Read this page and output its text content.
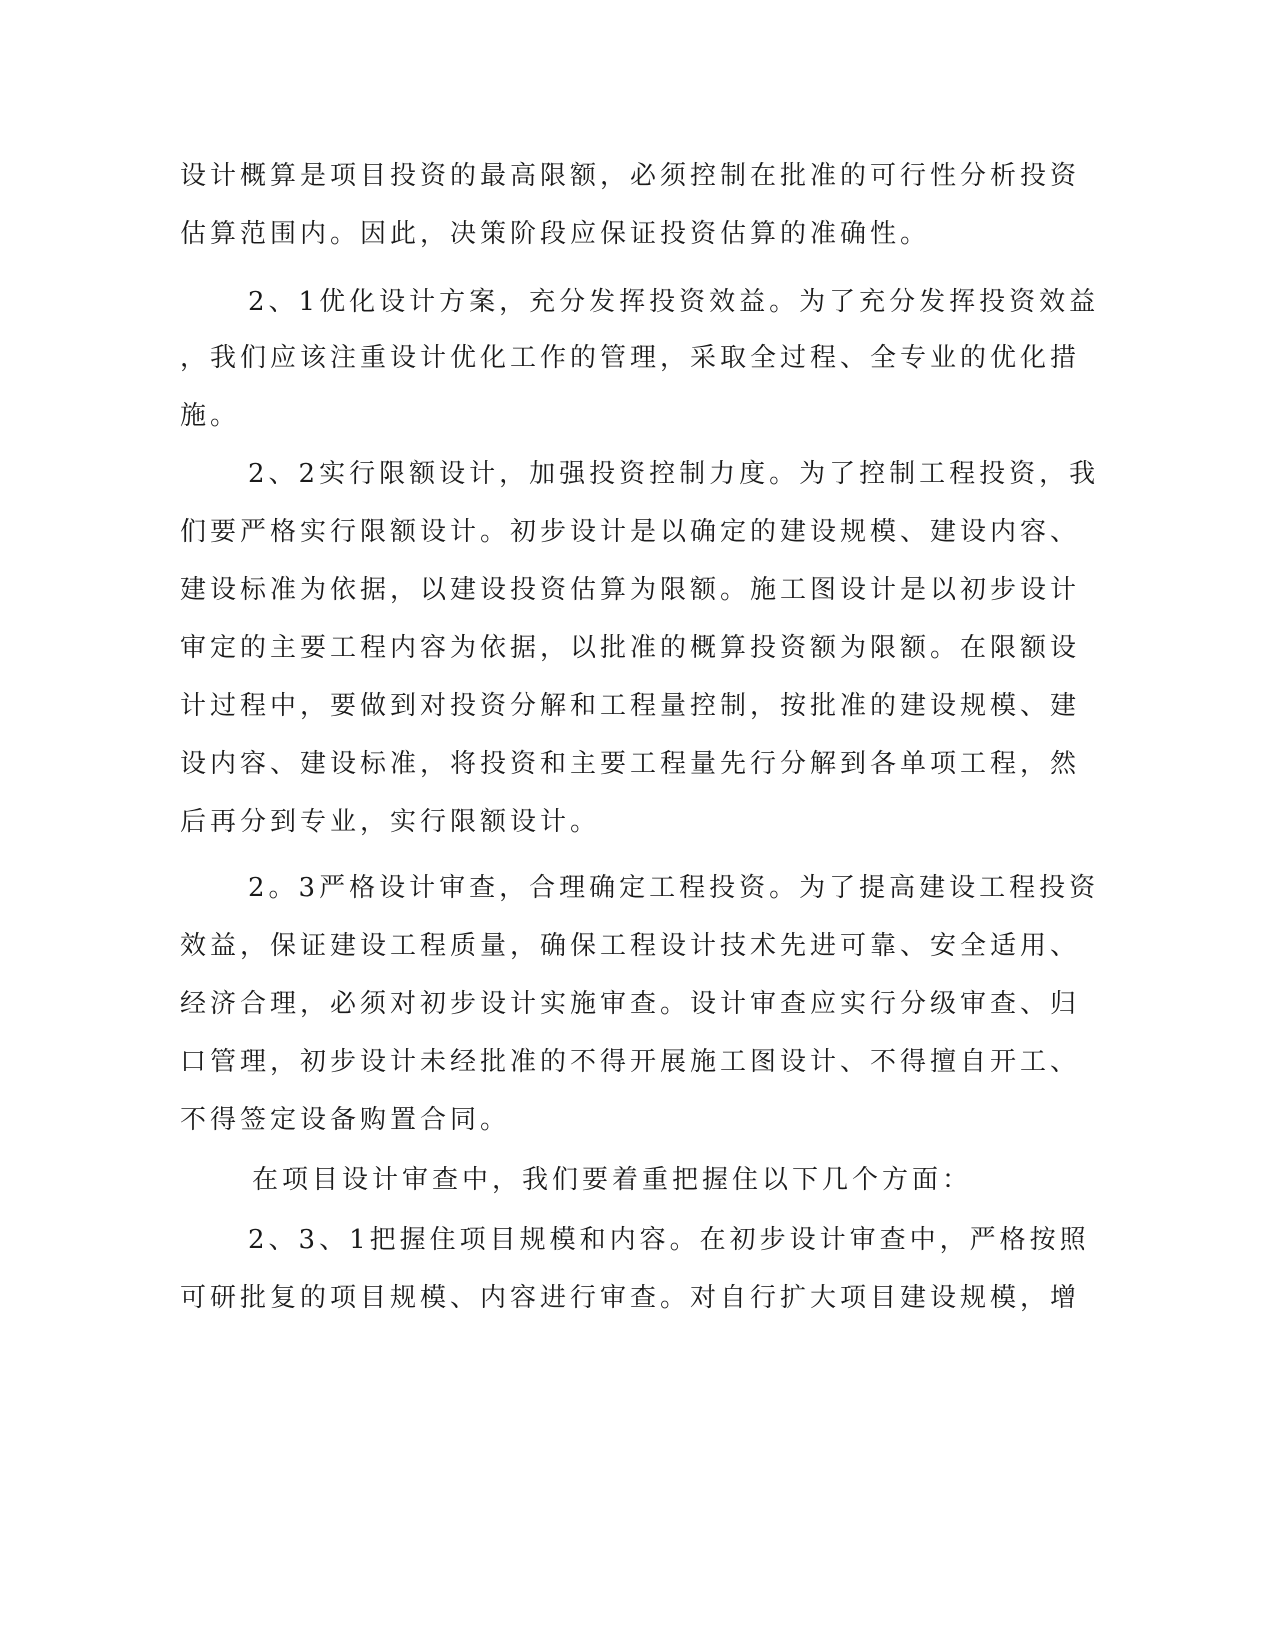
设计概算是项目投资的最高限额，必须控制在批准的可行性分析投资
估算范围内。因此，决策阶段应保证投资估算的准确性。
2、1优化设计方案，充分发挥投资效益。为了充分发挥投资效益
，我们应该注重设计优化工作的管理，采取全过程、全专业的优化措
施。
2、2实行限额设计，加强投资控制力度。为了控制工程投资，我
们要严格实行限额设计。初步设计是以确定的建设规模、建设内容、
建设标准为依据，以建设投资估算为限额。施工图设计是以初步设计
审定的主要工程内容为依据，以批准的概算投资额为限额。在限额设
计过程中，要做到对投资分解和工程量控制，按批准的建设规模、建
设内容、建设标准，将投资和主要工程量先行分解到各单项工程，然
后再分到专业，实行限额设计。
2。3严格设计审查，合理确定工程投资。为了提高建设工程投资
效益，保证建设工程质量，确保工程设计技术先进可靠、安全适用、
经济合理，必须对初步设计实施审查。设计审查应实行分级审查、归
口管理，初步设计未经批准的不得开展施工图设计、不得擅自开工、
不得签定设备购置合同。
在项目设计审查中，我们要着重把握住以下几个方面：
2、3、1把握住项目规模和内容。在初步设计审查中，严格按照
可研批复的项目规模、内容进行审查。对自行扩大项目建设规模，增
